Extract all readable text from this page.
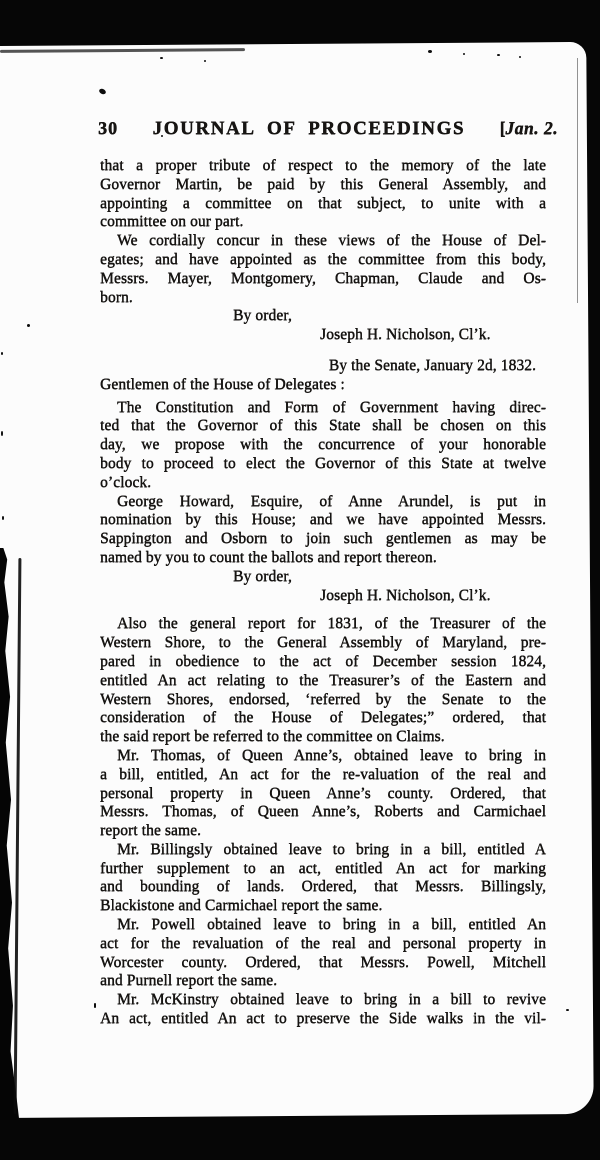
30 JOURNAL OF PROCEEDINGS [Jan. 2.
that a proper tribute of respect to the memory of the late
Governor Martin, be paid by this General Assembly, and
appointing a committee on that subject, to unite with a
committee on our part.
We cordially concur in these views of the House of Del-
egates; and have appointed as the committee from this body,
Messrs. Mayer, Montgomery, Chapman, Claude and Os-
born.
By order,
Joseph H. Nicholson, Cl’k.
By the Senate, January 2d, 1832.
Gentlemen of the House of Delegates :
The Constitution and Form of Government having direc-
ted that the Governor of this State shall be chosen on this
day, we propose with the concurrence of your honorable
body to proceed to elect the Governor of this State at twelve
o’clock.
George Howard, Esquire, of Anne Arundel, is put in
nomination by this House; and we have appointed Messrs.
Sappington and Osborn to join such gentlemen as may be
named by you to count the ballots and report thereon.
By order,
Joseph H. Nicholson, Cl’k.
Also the general report for 1831, of the Treasurer of the
Western Shore, to the General Assembly of Maryland, pre-
pared in obedience to the act of December session 1824,
entitled An act relating to the Treasurer’s of the Eastern and
Western Shores, endorsed, ‘referred by the Senate to the
consideration of the House of Delegates;” ordered, that
the said report be referred to the committee on Claims.
Mr. Thomas, of Queen Anne’s, obtained leave to bring in
a bill, entitled, An act for the re-valuation of the real and
personal property in Queen Anne’s county. Ordered, that
Messrs. Thomas, of Queen Anne’s, Roberts and Carmichael
report the same.
Mr. Billingsly obtained leave to bring in a bill, entitled A
further supplement to an act, entitled An act for marking
and bounding of lands. Ordered, that Messrs. Billingsly,
Blackistone and Carmichael report the same.
Mr. Powell obtained leave to bring in a bill, entitled An
act for the revaluation of the real and personal property in
Worcester county. Ordered, that Messrs. Powell, Mitchell
and Purnell report the same.
Mr. McKinstry obtained leave to bring in a bill to revive
An act, entitled An act to preserve the Side walks in the vil-
